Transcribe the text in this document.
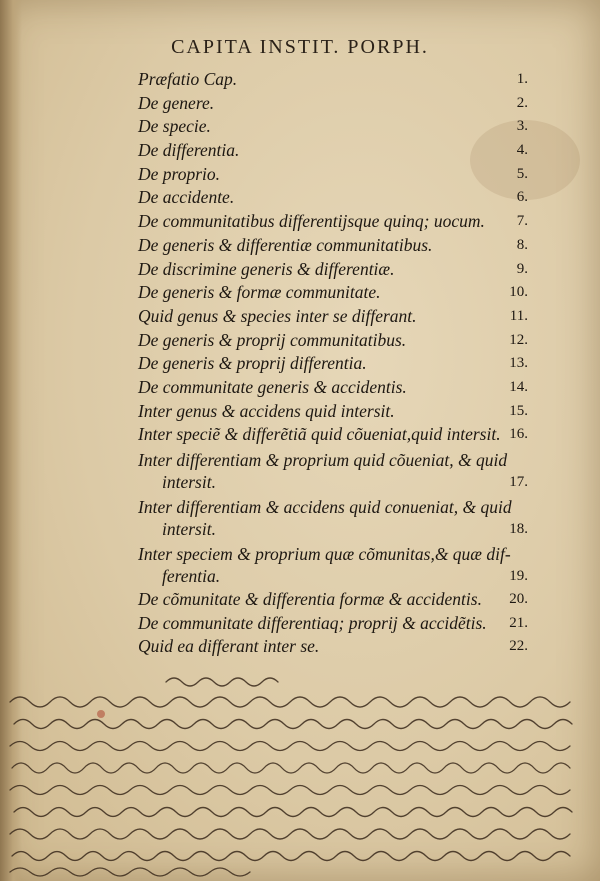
CAPITA INSTIT. PORPH.
Præfatio Cap.	1.
De genere.	2.
De specie.	3.
De differentia.	4.
De proprio.	5.
De accidente.	6.
De communitatibus differentijsque quinq; uocum. 7.
De generis & differentiæ communitatibus.	8.
De discrimine generis & differentiæ.	9.
De generis & formæ communitate.	10.
Quid genus & species inter se differant.	11.
De generis & proprij communitatibus.	12.
De generis & proprij differentia.	13.
De communitate generis & accidentis.	14.
Inter genus & accidens quid intersit.	15.
Inter speciẽ & differẽtiã quid cõueniat,quid intersit. 16.
Inter differentiam & proprium quid cõueniat, & quid
intersit.	17.
Inter differentiam & accidens quid conueniat, & quid
intersit.	18.
Inter speciem & proprium quæ cõmunitas,& quæ dif-
ferentia.	19.
De cõmunitate & differentia formæ & accidentis. 20.
De communitate differentiaq; proprij & accidẽtis. 21.
Quid ea differant inter se.	22.
